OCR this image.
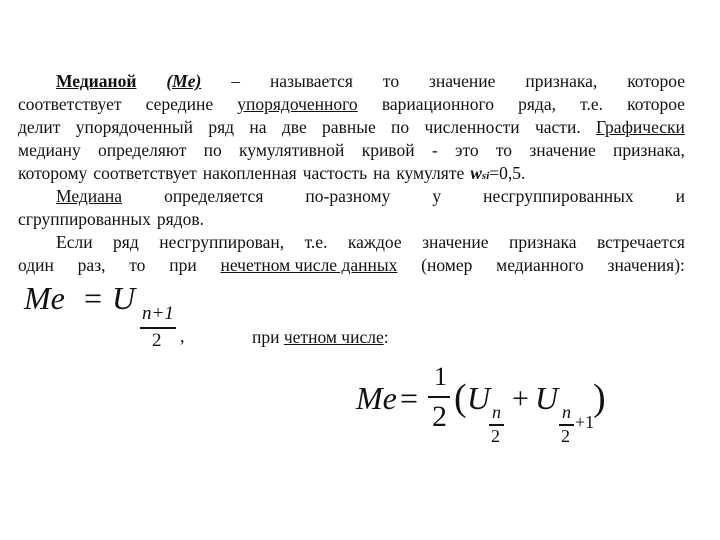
Медианой (Me) – называется то значение признака, которое
соответствует середине упорядоченного вариационного ряда, т.е. которое
делит упорядоченный ряд на две равные по численности части. Графически
медиану определяют по кумулятивной кривой - это то значение признака,
которому соответствует накопленная частость на кумуляте w si =0,5.
Медиана определяется по-разному у несгруппированных и
сгруппированных рядов.
Если ряд несгруппирован, т.е. каждое значение признака встречается
один раз, то при нечетном числе данных (номер медианного значения):
Me = U n+1
2 ,	при четном числе:
Me =
1
2 ( U n
2
+ U n
2
+1
)
